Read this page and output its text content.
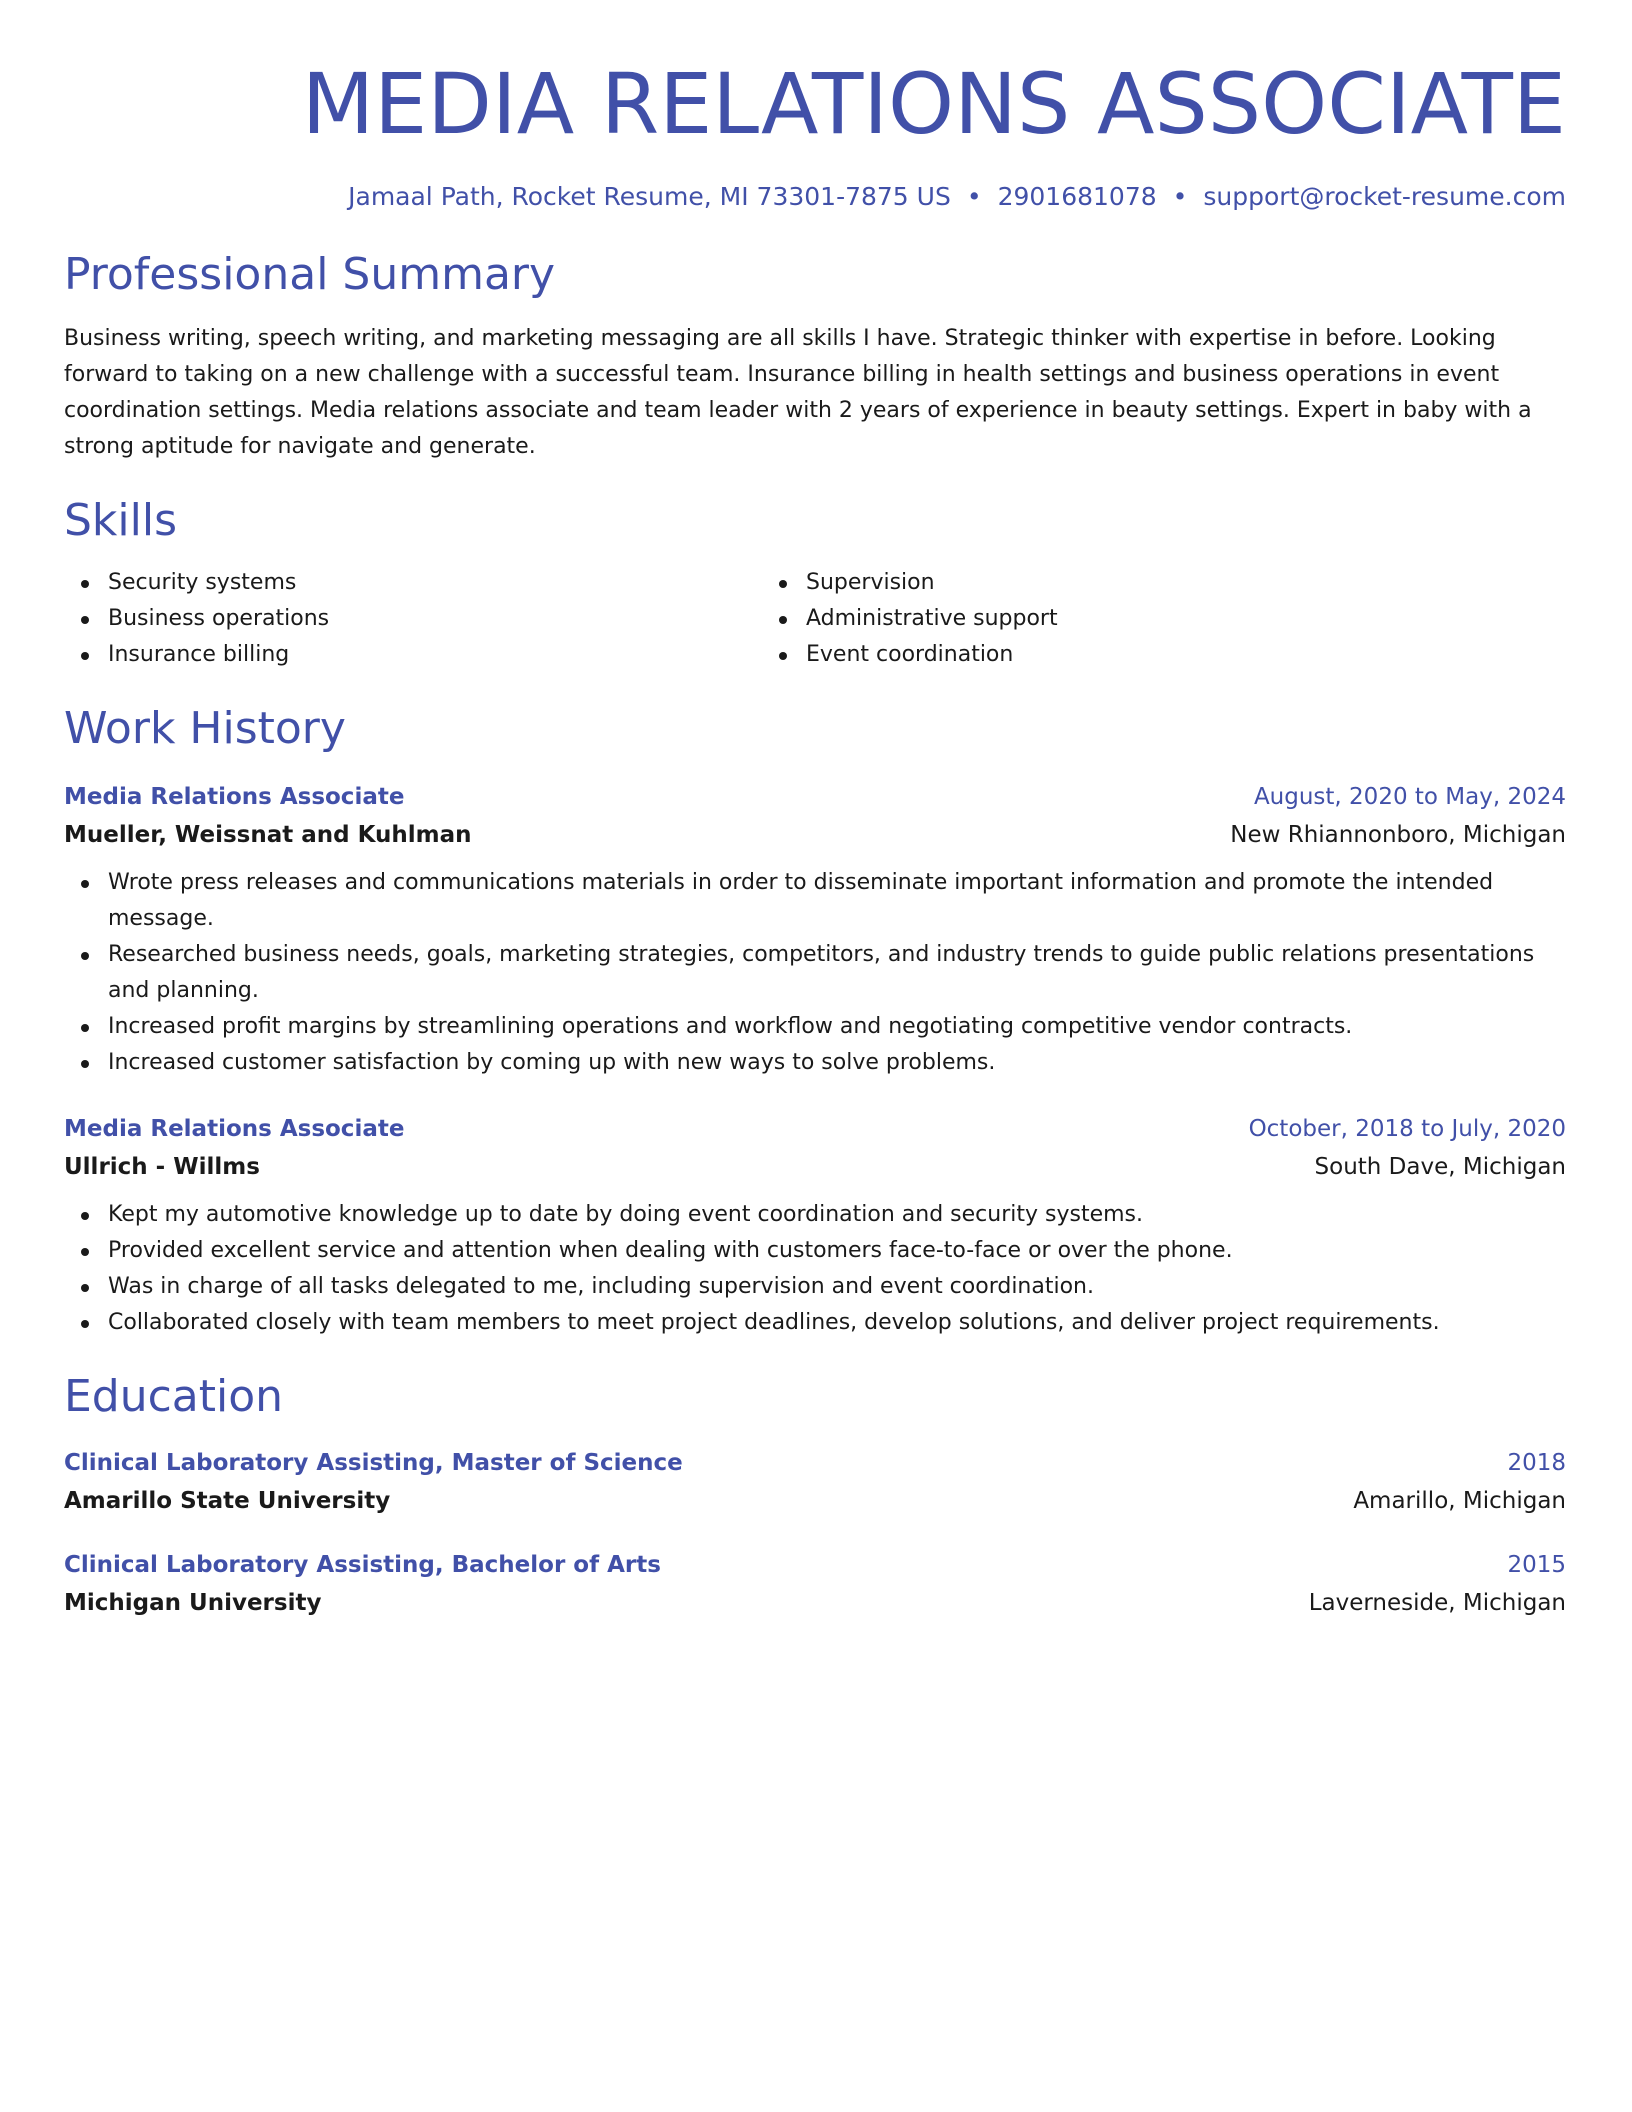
MEDIA RELATIONS ASSOCIATE
Jamaal Path, Rocket Resume, MI 73301-7875 US • 2901681078 • support@rocket-resume.com
Professional Summary

Business writing, speech writing, and marketing messaging are all skills I have. Strategic thinker with expertise in before. Looking forward to taking on a new challenge with a successful team. Insurance billing in health settings and business operations in event coordination settings. Media relations associate and team leader with 2 years of experience in beauty settings. Expert in baby with a strong aptitude for navigate and generate.

Skills
Security systems
Business operations
Insurance billing
Supervision
Administrative support
Event coordination
Work History
Media Relations Associate	August, 2020 to May, 2024
Mueller, Weissnat and Kuhlman	New Rhiannonboro, Michigan
Wrote press releases and communications materials in order to disseminate important information and promote the intended message.
Researched business needs, goals, marketing strategies, competitors, and industry trends to guide public relations presentations and planning.
Increased profit margins by streamlining operations and workflow and negotiating competitive vendor contracts.
Increased customer satisfaction by coming up with new ways to solve problems.
Media Relations Associate	October, 2018 to July, 2020
Ullrich - Willms	South Dave, Michigan
Kept my automotive knowledge up to date by doing event coordination and security systems.
Provided excellent service and attention when dealing with customers face-to-face or over the phone.
Was in charge of all tasks delegated to me, including supervision and event coordination.
Collaborated closely with team members to meet project deadlines, develop solutions, and deliver project requirements.
Education
Clinical Laboratory Assisting, Master of Science	2018
Amarillo State University	Amarillo, Michigan
Clinical Laboratory Assisting, Bachelor of Arts	2015
Michigan University	Laverneside, Michigan
